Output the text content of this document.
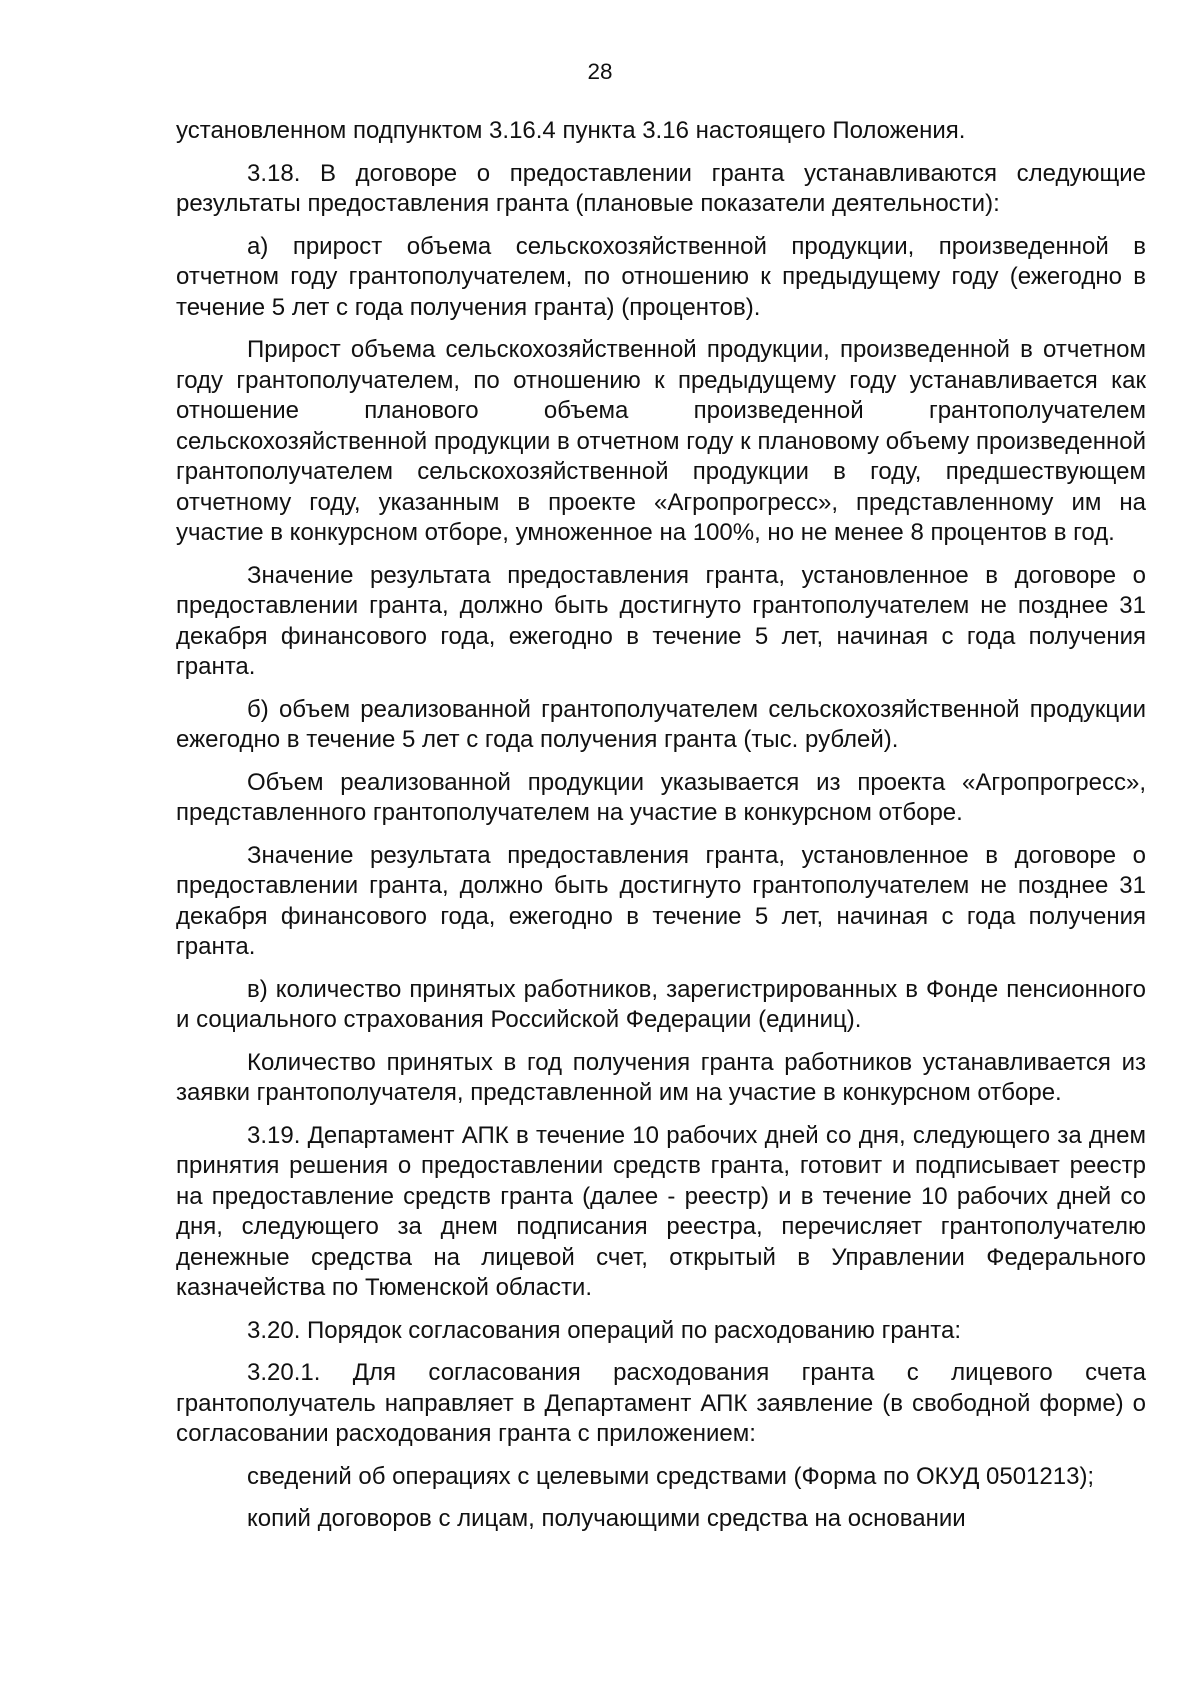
28

установленном подпунктом 3.16.4 пункта 3.16 настоящего Положения.

3.18. В договоре о предоставлении гранта устанавливаются следующие результаты предоставления гранта (плановые показатели деятельности):

а) прирост объема сельскохозяйственной продукции, произведенной в отчетном году грантополучателем, по отношению к предыдущему году (ежегодно в течение 5 лет с года получения гранта) (процентов).

Прирост объема сельскохозяйственной продукции, произведенной в отчетном году грантополучателем, по отношению к предыдущему году устанавливается как отношение планового объема произведенной грантополучателем сельскохозяйственной продукции в отчетном году к плановому объему произведенной грантополучателем сельскохозяйственной продукции в году, предшествующем отчетному году, указанным в проекте «Агропрогресс», представленному им на участие в конкурсном отборе, умноженное на 100%, но не менее 8 процентов в год.

Значение результата предоставления гранта, установленное в договоре о предоставлении гранта, должно быть достигнуто грантополучателем не позднее 31 декабря финансового года, ежегодно в течение 5 лет, начиная с года получения гранта.

б) объем реализованной грантополучателем сельскохозяйственной продукции ежегодно в течение 5 лет с года получения гранта (тыс. рублей).

Объем реализованной продукции указывается из проекта «Агропрогресс», представленного грантополучателем на участие в конкурсном отборе.

Значение результата предоставления гранта, установленное в договоре о предоставлении гранта, должно быть достигнуто грантополучателем не позднее 31 декабря финансового года, ежегодно в течение 5 лет, начиная с года получения гранта.

в) количество принятых работников, зарегистрированных в Фонде пенсионного и социального страхования Российской Федерации (единиц).

Количество принятых в год получения гранта работников устанавливается из заявки грантополучателя, представленной им на участие в конкурсном отборе.

3.19. Департамент АПК в течение 10 рабочих дней со дня, следующего за днем принятия решения о предоставлении средств гранта, готовит и подписывает реестр на предоставление средств гранта (далее - реестр) и в течение 10 рабочих дней со дня, следующего за днем подписания реестра, перечисляет грантополучателю денежные средства на лицевой счет, открытый в Управлении Федерального казначейства по Тюменской области.

3.20. Порядок согласования операций по расходованию гранта:

3.20.1. Для согласования расходования гранта с лицевого счета грантополучатель направляет в Департамент АПК заявление (в свободной форме) о согласовании расходования гранта с приложением:

сведений об операциях с целевыми средствами (Форма по ОКУД 0501213);

копий договоров с лицам, получающими средства на основании
